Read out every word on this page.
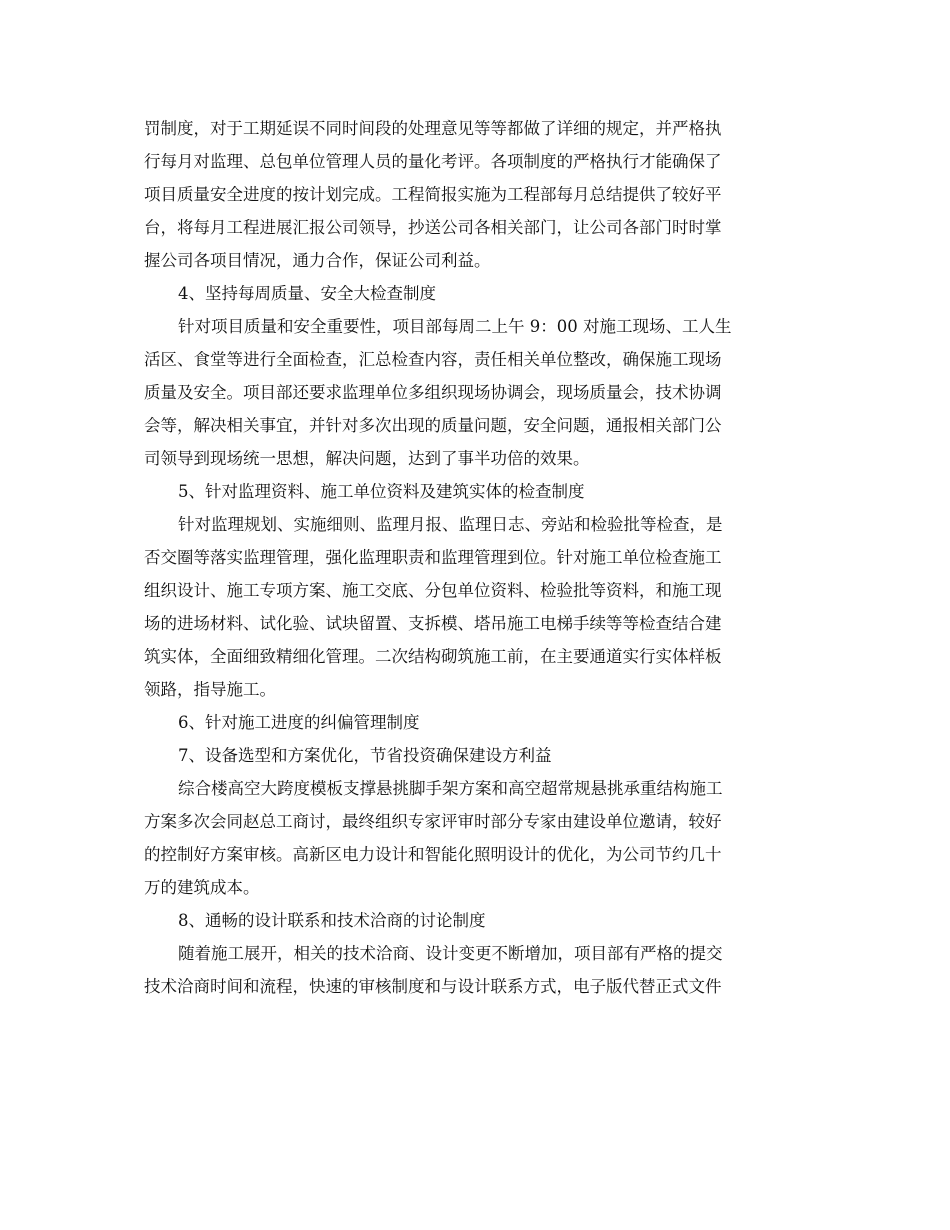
罚制度，对于工期延误不同时间段的处理意见等等都做了详细的规定，并严格执
行每月对监理、总包单位管理人员的量化考评。各项制度的严格执行才能确保了
项目质量安全进度的按计划完成。工程简报实施为工程部每月总结提供了较好平
台，将每月工程进展汇报公司领导，抄送公司各相关部门，让公司各部门时时掌
握公司各项目情况，通力合作，保证公司利益。
4、坚持每周质量、安全大检查制度
针对项目质量和安全重要性，项目部每周二上午 9：00 对施工现场、工人生
活区、食堂等进行全面检查，汇总检查内容，责任相关单位整改，确保施工现场
质量及安全。项目部还要求监理单位多组织现场协调会，现场质量会，技术协调
会等，解决相关事宜，并针对多次出现的质量问题，安全问题，通报相关部门公
司领导到现场统一思想，解决问题，达到了事半功倍的效果。
5、针对监理资料、施工单位资料及建筑实体的检查制度
针对监理规划、实施细则、监理月报、监理日志、旁站和检验批等检查，是
否交圈等落实监理管理，强化监理职责和监理管理到位。针对施工单位检查施工
组织设计、施工专项方案、施工交底、分包单位资料、检验批等资料，和施工现
场的进场材料、试化验、试块留置、支拆模、塔吊施工电梯手续等等检查结合建
筑实体，全面细致精细化管理。二次结构砌筑施工前，在主要通道实行实体样板
领路，指导施工。
6、针对施工进度的纠偏管理制度
7、设备选型和方案优化，节省投资确保建设方利益
综合楼高空大跨度模板支撑悬挑脚手架方案和高空超常规悬挑承重结构施工
方案多次会同赵总工商讨，最终组织专家评审时部分专家由建设单位邀请，较好
的控制好方案审核。高新区电力设计和智能化照明设计的优化，为公司节约几十
万的建筑成本。
8、通畅的设计联系和技术洽商的讨论制度
随着施工展开，相关的技术洽商、设计变更不断增加，项目部有严格的提交
技术洽商时间和流程，快速的审核制度和与设计联系方式，电子版代替正式文件
